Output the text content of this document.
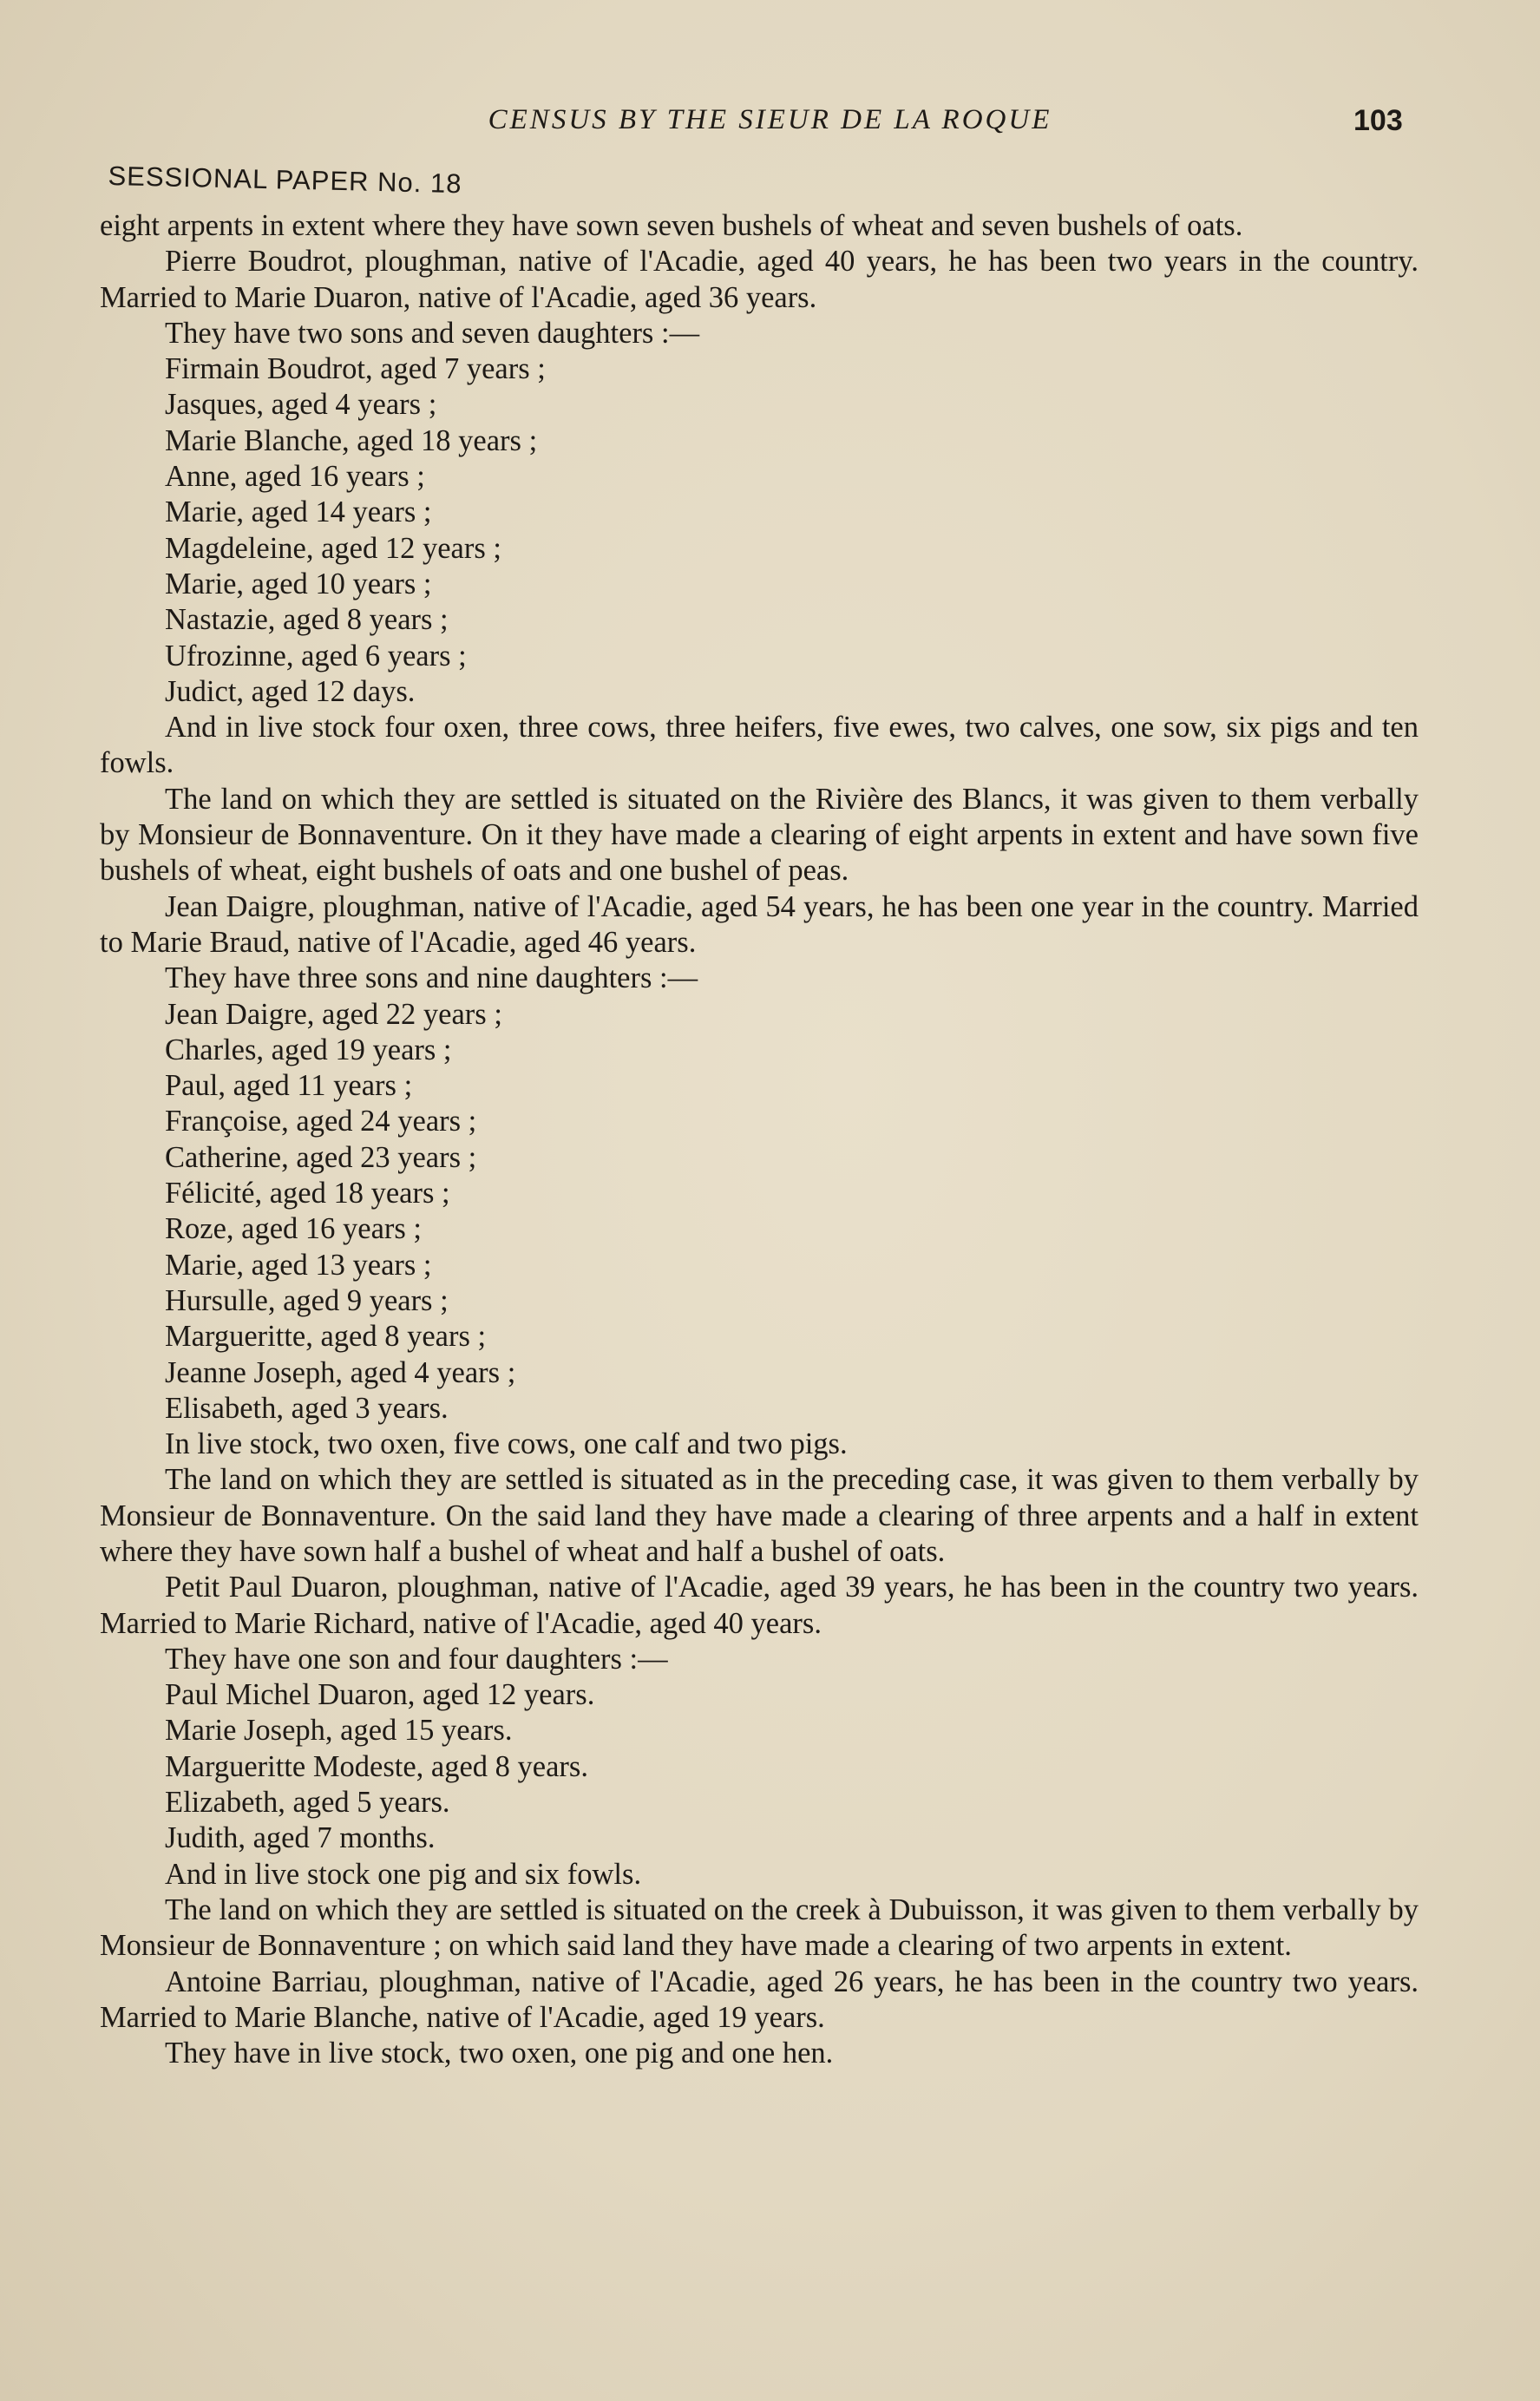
CENSUS BY THE SIEUR DE LA ROQUE	103
SESSIONAL PAPER No. 18

eight arpents in extent where they have sown seven bushels of wheat and seven bushels of oats.

Pierre Boudrot, ploughman, native of l'Acadie, aged 40 years, he has been two years in the country. Married to Marie Duaron, native of l'Acadie, aged 36 years.

They have two sons and seven daughters :—

Firmain Boudrot, aged 7 years ;

Jasques, aged 4 years ;

Marie Blanche, aged 18 years ;

Anne, aged 16 years ;

Marie, aged 14 years ;

Magdeleine, aged 12 years ;

Marie, aged 10 years ;

Nastazie, aged 8 years ;

Ufrozinne, aged 6 years ;

Judict, aged 12 days.

And in live stock four oxen, three cows, three heifers, five ewes, two calves, one sow, six pigs and ten fowls.

The land on which they are settled is situated on the Rivière des Blancs, it was given to them verbally by Monsieur de Bonnaventure. On it they have made a clearing of eight arpents in extent and have sown five bushels of wheat, eight bushels of oats and one bushel of peas.

Jean Daigre, ploughman, native of l'Acadie, aged 54 years, he has been one year in the country. Married to Marie Braud, native of l'Acadie, aged 46 years.

They have three sons and nine daughters :—

Jean Daigre, aged 22 years ;

Charles, aged 19 years ;

Paul, aged 11 years ;

Françoise, aged 24 years ;

Catherine, aged 23 years ;

Félicité, aged 18 years ;

Roze, aged 16 years ;

Marie, aged 13 years ;

Hursulle, aged 9 years ;

Margueritte, aged 8 years ;

Jeanne Joseph, aged 4 years ;

Elisabeth, aged 3 years.

In live stock, two oxen, five cows, one calf and two pigs.

The land on which they are settled is situated as in the preceding case, it was given to them verbally by Monsieur de Bonnaventure. On the said land they have made a clearing of three arpents and a half in extent where they have sown half a bushel of wheat and half a bushel of oats.

Petit Paul Duaron, ploughman, native of l'Acadie, aged 39 years, he has been in the country two years. Married to Marie Richard, native of l'Acadie, aged 40 years.

They have one son and four daughters :—

Paul Michel Duaron, aged 12 years.

Marie Joseph, aged 15 years.

Margueritte Modeste, aged 8 years.

Elizabeth, aged 5 years.

Judith, aged 7 months.

And in live stock one pig and six fowls.

The land on which they are settled is situated on the creek à Dubuisson, it was given to them verbally by Monsieur de Bonnaventure ; on which said land they have made a clearing of two arpents in extent.

Antoine Barriau, ploughman, native of l'Acadie, aged 26 years, he has been in the country two years. Married to Marie Blanche, native of l'Acadie, aged 19 years.

They have in live stock, two oxen, one pig and one hen.
